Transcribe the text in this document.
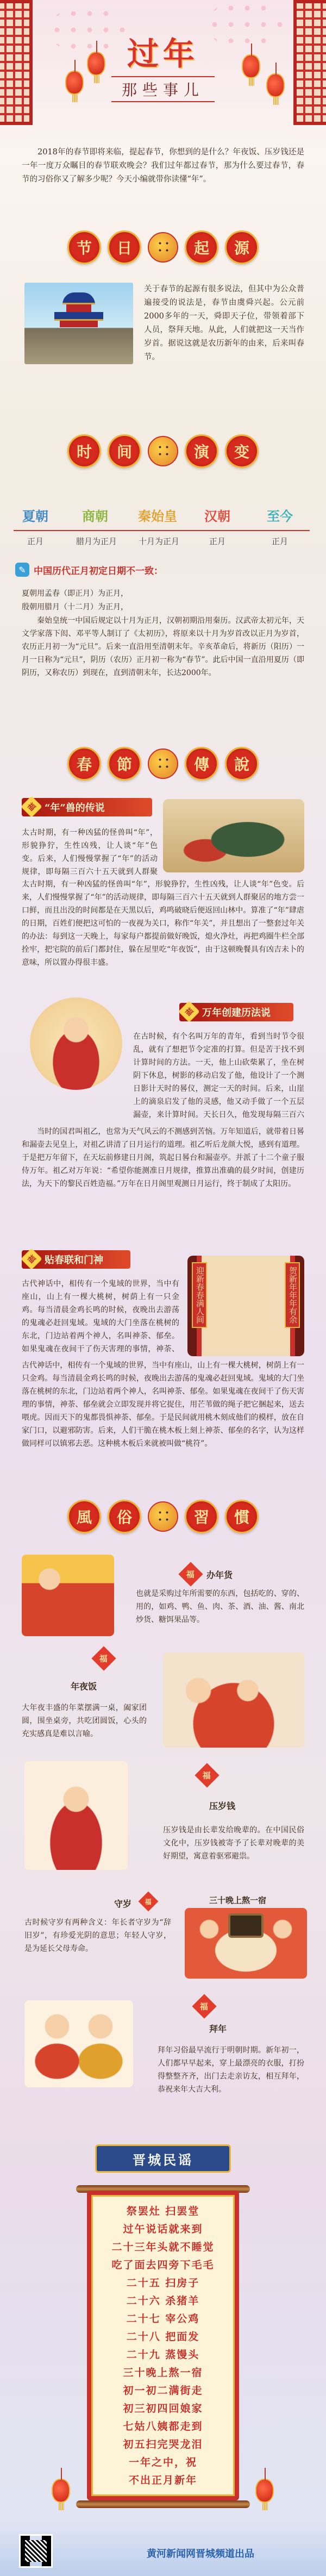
过年
那些事儿
2018年的春节即将来临，提起春节，你想到的是什么？年夜饭、压岁钱还是一年一度万众瞩目的春节联欢晚会？我们过年都过春节，那为什么要过春节，春节的习俗你又了解多少呢？今天小编就带你读懂“年”。
节	日	起	源
关于春节的起源有很多说法，但其中为公众普遍接受的说法是，春节由虞舜兴起。公元前2000多年的一天，舜即天子位，带领着部下人员，祭拜天地。从此，人们就把这一天当作岁首。据说这就是农历新年的由来，后来叫春节。
时	间	演	变
夏朝	商朝	秦始皇	汉朝	至今
正月	腊月为正月	十月为正月	正月	正月
✎ 中国历代正月初定日期不一致：
夏朝用孟春（即正月）为正月，
殷朝用腊月（十二月）为正月，
秦始皇统一中国后规定以十月为正月，汉朝初期沿用秦历。汉武帝太初元年，天文学家落下闳、邓平等人制订了《太初历》，将原来以十月为岁首改以正月为岁首，农历正月初一为“元旦”。后来一直沿用至清朝末年。辛亥革命后，将新历（阳历）一月一日称为“元旦”，阴历（农历）正月初一称为“春节”。此后中国一直沿用夏历（即阴历，又称农历）到现在，直到清朝末年，长达2000年。
春	節	傳	說
福 “年”兽的传说
太古时期，有一种凶猛的怪兽叫“年”，形貌狰狞，生性凶残，让人谈“年”色变。后来，人们慢慢掌握了“年”的活动规律，即每隔三百六十五天就到人群聚
太古时期，有一种凶猛的怪兽叫“年”，形貌狰狞，生性凶残，让人谈“年”色变。后来，人们慢慢掌握了“年”的活动规律，即每隔三百六十五天就到人群聚居的地方尝一口鲜，而且出没的时间都是在天黑以后，鸡鸣破晓后便返回山林中。算准了“年”肆虐的日期，百姓们便把这可怕的一夜视为关口，称作“年关”，并且想出了一整套过年关的办法：每到这一天晚上，每家每户都提前做好晚饭，熄火净灶，再把鸡圈牛栏全部拴牢，把宅院的前后门都封住，躲在屋里吃“年夜饭”，由于这顿晚餐具有凶吉未卜的意味，所以置办得很丰盛。
福 万年创建历法说
在古时候，有个名叫万年的青年，看到当时节令很乱，就有了想把节令定准的打算。但是苦于找不到计算时间的方法。一天，他上山砍柴累了，坐在树阴下休息，树影的移动启发了他，他设计了一个测日影计天时的晷仪，测定一天的时间。后来，山崖上的滴泉启发了他的灵感，他又动手做了一个五层漏壶，来计算时间。天长日久，他发现每隔三百六
当时的国君叫祖乙，也常为天气风云的不测感到苦恼。万年知道后，就带着日晷和漏壶去见皇上，对祖乙讲清了日月运行的道理。祖乙听后龙颜大悦，感到有道理。于是把万年留下，在天坛前修建日月阁，筑起日晷台和漏壶亭。并派了十二个童子服侍万年。祖乙对万年说：“希望你能测准日月规律，推算出准确的晨夕时间，创建历法，为天下的黎民百姓造福。”万年在日月阁里观测日月运行，终于制成了太阳历。
福 贴春联和门神
迎新春春满人间	贺新年年年有余
古代神话中，相传有一个鬼域的世界，当中有座山，山上有一棵大桃树，树荫上有一只金鸡。每当清晨金鸡长鸣的时候，夜晚出去游荡的鬼魂必赶回鬼域。鬼域的大门坐落在桃树的东北，门边站着两个神人，名叫神荼、郁垒。如果鬼魂在夜间干了伤天害理的事情，神荼、
古代神话中，相传有一个鬼域的世界，当中有座山，山上有一棵大桃树，树荫上有一只金鸡。每当清晨金鸡长鸣的时候，夜晚出去游荡的鬼魂必赶回鬼域。鬼域的大门坐落在桃树的东北，门边站着两个神人，名叫神荼、郁垒。如果鬼魂在夜间干了伤天害理的事情，神荼、郁垒就会立即发现并将它捉住，用芒苇做的绳子把它捆起来，送去喂虎。因而天下的鬼都畏惧神荼、郁垒。于是民间就用桃木刻成他们的模样，放在自家门口，以避邪防害。后来，人们干脆在桃木板上刻上神荼、郁垒的名字，认为这样做同样可以镇邪去恶。这种桃木板后来就被叫做“桃符”。
風	俗	習	慣
福 办年货
也就是采购过年所需要的东西，包括吃的、穿的、用的，如鸡、鸭、鱼、肉、茶、酒、油、酱、南北炒货、糖饵果品等。
福
年夜饭
大年夜丰盛的年菜摆满一桌，阖家团圆，围坐桌旁，共吃团圆饭，心头的充实感真是难以言喻。
福
压岁钱
压岁钱是由长辈发给晚辈的。在中国民俗文化中，压岁钱被寄予了长辈对晚辈的美好期望，寓意着驱邪避祟。
守岁 福
古时候守岁有两种含义：年长者守岁为“辞旧岁”，有珍爱光阴的意思；年轻人守岁，是为延长父母寿命。
三十晚上熬一宿
福
拜年
拜年习俗最早流行于明朝时期。新年初一，人们都早早起来，穿上最漂亮的衣服，打扮得整整齐齐，出门去走亲访友，相互拜年，恭祝来年大吉大利。
晋城民谣
祭罢灶 扫罢堂
过午说话就来到
二十三年头就不睡觉
吃了面去四旁下毛毛
二十五 扫房子
二十六 杀猪羊
二十七 宰公鸡
二十八 把面发
二十九 蒸馒头
三十晚上熬一宿
初一初二满街走
初三初四回娘家
七姑八姨都走到
初五扫完哭龙泪
一年之中，祝
不出正月新年
黄河新闻网晋城频道出品
